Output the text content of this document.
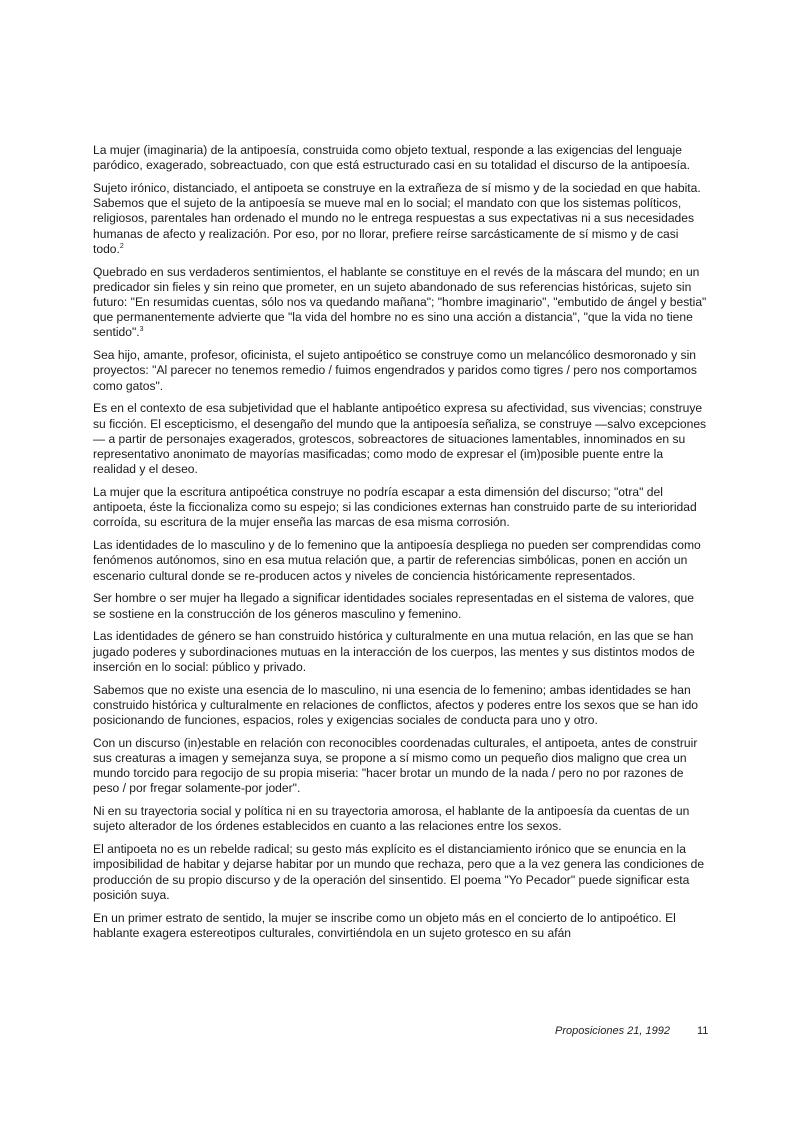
La mujer (imaginaria) de la antipoesía, construida como objeto textual, responde a las exigencias del lenguaje paródico, exagerado, sobreactuado, con que está estructurado casi en su totalidad el discurso de la antipoesía.

Sujeto irónico, distanciado, el antipoeta se construye en la extrañeza de sí mismo y de la sociedad en que habita. Sabemos que el sujeto de la antipoesía se mueve mal en lo social; el mandato con que los sistemas políticos, religiosos, parentales han ordenado el mundo no le entrega respuestas a sus expectativas ni a sus necesidades humanas de afecto y realización. Por eso, por no llorar, prefiere reírse sarcásticamente de sí mismo y de casi todo.$^2$

Quebrado en sus verdaderos sentimientos, el hablante se constituye en el revés de la máscara del mundo; en un predicador sin fieles y sin reino que prometer, en un sujeto abandonado de sus referencias históricas, sujeto sin futuro: "En resumidas cuentas, sólo nos va quedando mañana"; "hombre imaginario", "embutido de ángel y bestia" que permanentemente advierte que "la vida del hombre no es sino una acción a distancia", "que la vida no tiene sentido".$^3$

Sea hijo, amante, profesor, oficinista, el sujeto antipoético se construye como un melancólico desmoronado y sin proyectos: "Al parecer no tenemos remedio / fuimos engendrados y paridos como tigres / pero nos comportamos como gatos".

Es en el contexto de esa subjetividad que el hablante antipoético expresa su afectividad, sus vivencias; construye su ficción. El escepticismo, el desengaño del mundo que la antipoesía señaliza, se construye —salvo excepciones— a partir de personajes exagerados, grotescos, sobreactores de situaciones lamentables, innominados en su representativo anonimato de mayorías masificadas; como modo de expresar el (im)posible puente entre la realidad y el deseo.

La mujer que la escritura antipoética construye no podría escapar a esta dimensión del discurso; "otra" del antipoeta, éste la ficcionaliza como su espejo; si las condiciones externas han construido parte de su interioridad corroída, su escritura de la mujer enseña las marcas de esa misma corrosión.

Las identidades de lo masculino y de lo femenino que la antipoesía despliega no pueden ser comprendidas como fenómenos autónomos, sino en esa mutua relación que, a partir de referencias simbólicas, ponen en acción un escenario cultural donde se re-producen actos y niveles de conciencia históricamente representados.

Ser hombre o ser mujer ha llegado a significar identidades sociales representadas en el sistema de valores, que se sostiene en la construcción de los géneros masculino y femenino.

Las identidades de género se han construido histórica y culturalmente en una mutua relación, en las que se han jugado poderes y subordinaciones mutuas en la interacción de los cuerpos, las mentes y sus distintos modos de inserción en lo social: público y privado.

Sabemos que no existe una esencia de lo masculino, ni una esencia de lo femenino; ambas identidades se han construido histórica y culturalmente en relaciones de conflictos, afectos y poderes entre los sexos que se han ido posicionando de funciones, espacios, roles y exigencias sociales de conducta para uno y otro.

Con un discurso (in)estable en relación con reconocibles coordenadas culturales, el antipoeta, antes de construir sus creaturas a imagen y semejanza suya, se propone a sí mismo como un pequeño dios maligno que crea un mundo torcido para regocijo de su propia miseria: "hacer brotar un mundo de la nada / pero no por razones de peso / por fregar solamente-por joder".

Ni en su trayectoria social y política ni en su trayectoria amorosa, el hablante de la antipoesía da cuentas de un sujeto alterador de los órdenes establecidos en cuanto a las relaciones entre los sexos.

El antipoeta no es un rebelde radical; su gesto más explícito es el distanciamiento irónico que se enuncia en la imposibilidad de habitar y dejarse habitar por un mundo que rechaza, pero que a la vez genera las condiciones de producción de su propio discurso y de la operación del sinsentido. El poema "Yo Pecador" puede significar esta posición suya.

En un primer estrato de sentido, la mujer se inscribe como un objeto más en el concierto de lo antipoético. El hablante exagera estereotipos culturales, convirtiéndola en un sujeto grotesco en su afán

Proposiciones 21, 1992 11
